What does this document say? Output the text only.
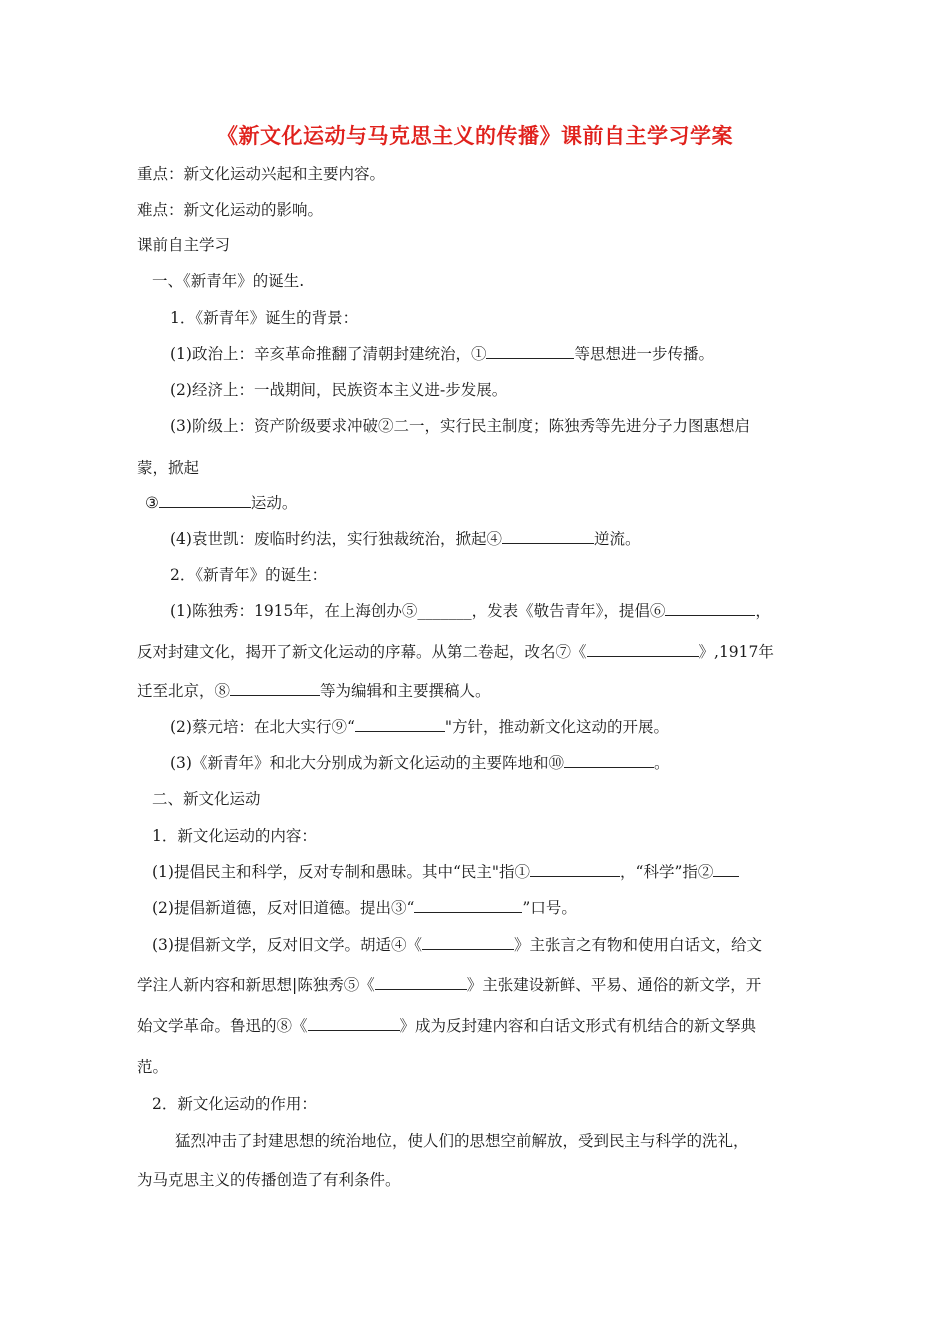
《新文化运动与马克思主义的传播》课前自主学习学案
重点：新文化运动兴起和主要内容。
难点：新文化运动的影响。
课前自主学习
一、《新青年》的诞生.
1．《新青年》诞生的背景：
(1)政治上：辛亥革命推翻了清朝封建统治，①	等思想进一步传播。
(2)经济上：一战期间，民族资本主义进-步发展。
(3)阶级上：资产阶级要求冲破②二一，实行民主制度；陈独秀等先进分子力图惠想启
蒙，掀起
③	运动。
(4)袁世凯：废临时约法，实行独裁统治，掀起④	逆流。
2．《新青年》的诞生：
(1)陈独秀：1915年，在上海创办⑤_______，发表《敬告青年》，提倡⑥	，
反对封建文化，揭开了新文化运动的序幕。从第二卷起，改名⑦《	》,1917年
迁至北京，⑧	等为编辑和主要撰稿人。
(2)蔡元培：在北大实行⑨“	"方针，推动新文化这动的开展。
(3)《新青年》和北大分别成为新文化运动的主要阵地和⑩	。
二、新文化运动
1．新文化运动的内容：
(1)提倡民主和科学，反对专制和愚昧。其中“民主"指①	，“科学”指②
(2)提倡新道德，反对旧道德。提出③“	”口号。
(3)提倡新文学，反对旧文学。胡适④《	》主张言之有物和使用白话文，给文
学注人新内容和新思想|陈独秀⑤《	》主张建设新鲜、平易、通俗的新文学，开
始文学革命。鲁迅的⑧《	》成为反封建内容和白话文形式有机结合的新文孥典
范。
2．新文化运动的作用：
猛烈冲击了封建思想的统治地位，使人们的思想空前解放，受到民主与科学的洗礼，
为马克思主义的传播创造了有利条件。
